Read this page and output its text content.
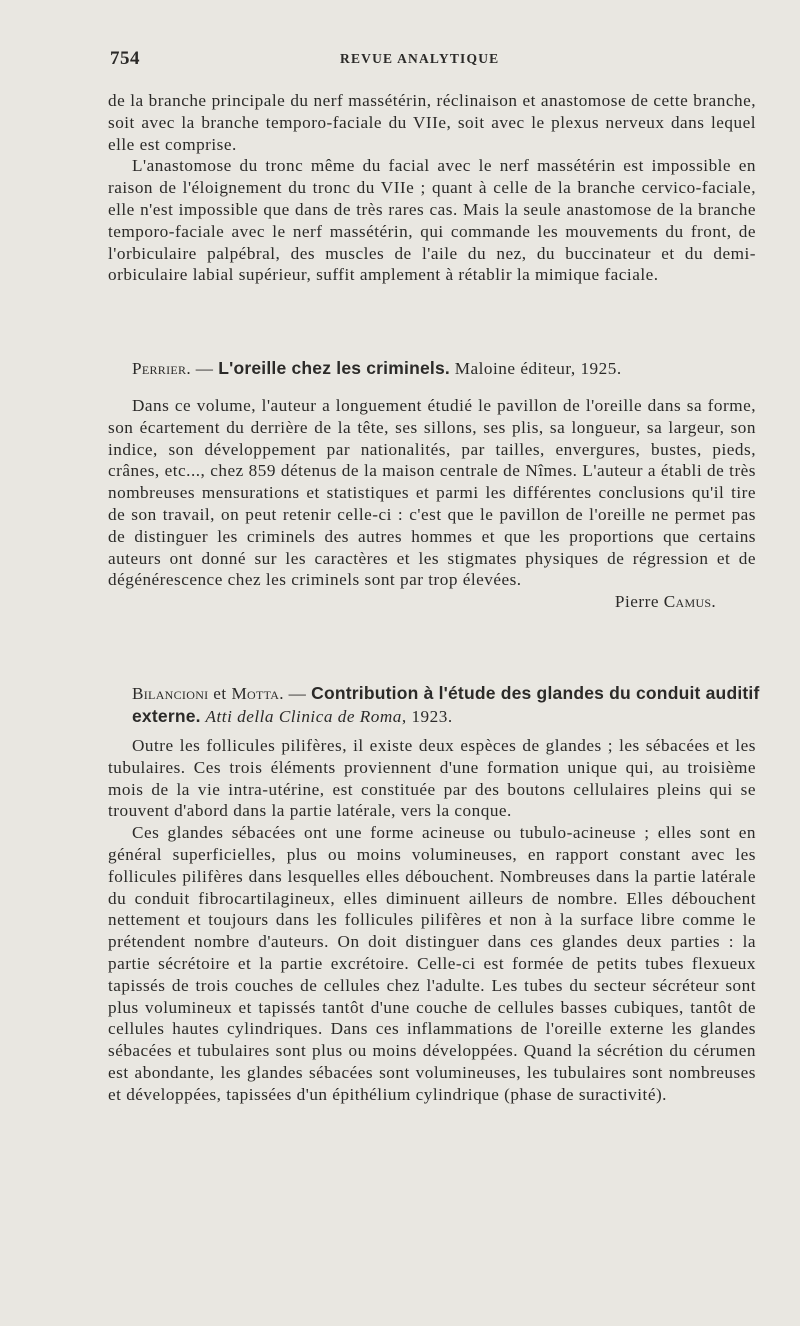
754	REVUE ANALYTIQUE

de la branche principale du nerf massétérin, réclinaison et anastomose de cette branche, soit avec la branche temporo-faciale du VIIe, soit avec le plexus nerveux dans lequel elle est comprise.

L'anastomose du tronc même du facial avec le nerf massétérin est impossible en raison de l'éloignement du tronc du VIIe ; quant à celle de la branche cervico-faciale, elle n'est impossible que dans de très rares cas. Mais la seule anastomose de la branche temporo-faciale avec le nerf massétérin, qui commande les mouvements du front, de l'orbiculaire palpébral, des muscles de l'aile du nez, du buccinateur et du demi-orbiculaire labial supérieur, suffit amplement à rétablir la mimique faciale.

Perrier. — L'oreille chez les criminels. Maloine éditeur, 1925.

Dans ce volume, l'auteur a longuement étudié le pavillon de l'oreille dans sa forme, son écartement du derrière de la tête, ses sillons, ses plis, sa longueur, sa largeur, son indice, son développement par nationalités, par tailles, envergures, bustes, pieds, crânes, etc..., chez 859 détenus de la maison centrale de Nîmes. L'auteur a établi de très nombreuses mensurations et statistiques et parmi les différentes conclusions qu'il tire de son travail, on peut retenir celle-ci : c'est que le pavillon de l'oreille ne permet pas de distinguer les criminels des autres hommes et que les proportions que certains auteurs ont donné sur les caractères et les stigmates physiques de régression et de dégénérescence chez les criminels sont par trop élevées.

Pierre Camus.

Bilancioni et Motta. — Contribution à l'étude des glandes du conduit auditif externe. Atti della Clinica de Roma, 1923.

Outre les follicules pilifères, il existe deux espèces de glandes ; les sébacées et les tubulaires. Ces trois éléments proviennent d'une formation unique qui, au troisième mois de la vie intra-utérine, est constituée par des boutons cellulaires pleins qui se trouvent d'abord dans la partie latérale, vers la conque.

Ces glandes sébacées ont une forme acineuse ou tubulo-acineuse ; elles sont en général superficielles, plus ou moins volumineuses, en rapport constant avec les follicules pilifères dans lesquelles elles débouchent. Nombreuses dans la partie latérale du conduit fibrocartilagineux, elles diminuent ailleurs de nombre. Elles débouchent nettement et toujours dans les follicules pilifères et non à la surface libre comme le prétendent nombre d'auteurs. On doit distinguer dans ces glandes deux parties : la partie sécrétoire et la partie excrétoire. Celle-ci est formée de petits tubes flexueux tapissés de trois couches de cellules chez l'adulte. Les tubes du secteur sécréteur sont plus volumineux et tapissés tantôt d'une couche de cellules basses cubiques, tantôt de cellules hautes cylindriques. Dans ces inflammations de l'oreille externe les glandes sébacées et tubulaires sont plus ou moins développées. Quand la sécrétion du cérumen est abondante, les glandes sébacées sont volumineuses, les tubulaires sont nombreuses et développées, tapissées d'un épithélium cylindrique (phase de suractivité).
